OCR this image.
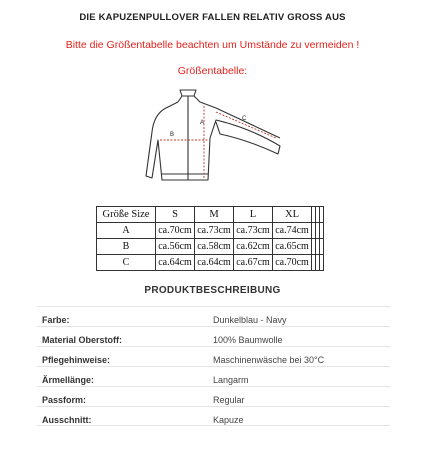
DIE KAPUZENPULLOVER FALLEN RELATIV GROSS AUS
Bitte die Größentabelle beachten um Umstände zu vermeiden !
Größentabelle:
A
B
C
Größe Size	S	M	L	XL			
A	ca.70cm	ca.73cm	ca.73cm	ca.74cm			
B	ca.56cm	ca.58cm	ca.62cm	ca.65cm			
C	ca.64cm	ca.64cm	ca.67cm	ca.70cm			
PRODUKTBESCHREIBUNG
Farbe:	Dunkelblau - Navy
Material Oberstoff:	100% Baumwolle
Pflegehinweise:	Maschinenwäsche bei 30°C
Ärmellänge:	Langarm
Passform:	Regular
Ausschnitt:	Kapuze
